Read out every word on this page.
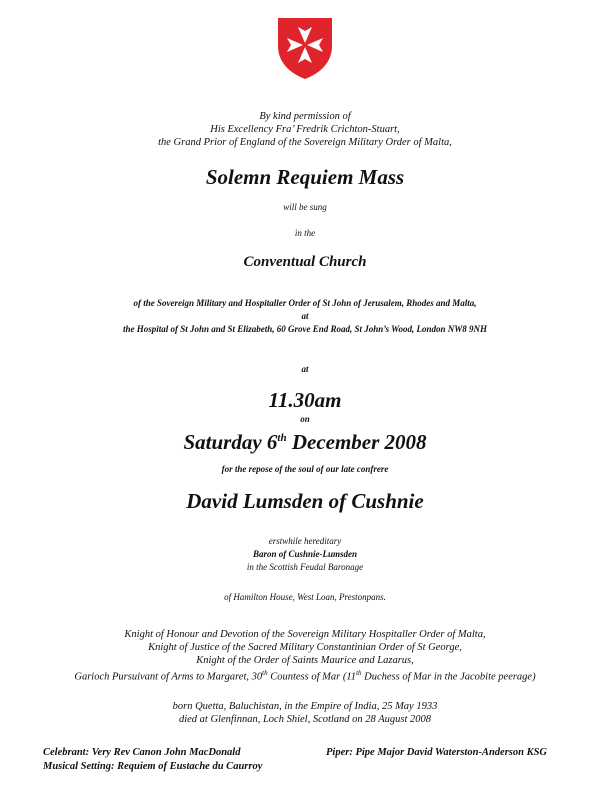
By kind permission of
His Excellency Fra’ Fredrik Crichton-Stuart,
the Grand Prior of England of the Sovereign Military Order of Malta,
Solemn Requiem Mass
will be sung
in the
Conventual Church
of the Sovereign Military and Hospitaller Order of St John of Jerusalem, Rhodes and Malta,
at
the Hospital of St John and St Elizabeth, 60 Grove End Road, St John’s Wood, London NW8 9NH
at
11.30am
on
Saturday 6th December 2008
for the repose of the soul of our late confrere
David Lumsden of Cushnie
erstwhile hereditary
Baron of Cushnie-Lumsden
in the Scottish Feudal Baronage
of Hamilton House, West Loan, Prestonpans.
Knight of Honour and Devotion of the Sovereign Military Hospitaller Order of Malta,
Knight of Justice of the Sacred Military Constantinian Order of St George,
Knight of the Order of Saints Maurice and Lazarus,
Garioch Pursuivant of Arms to Margaret, 30th Countess of Mar (11th Duchess of Mar in the Jacobite peerage)
born Quetta, Baluchistan, in the Empire of India, 25 May 1933
died at Glenfinnan, Loch Shiel, Scotland on 28 August 2008
Celebrant: Very Rev Canon John MacDonald
Musical Setting: Requiem of Eustache du Caurroy
Piper: Pipe Major David Waterston-Anderson KSG
